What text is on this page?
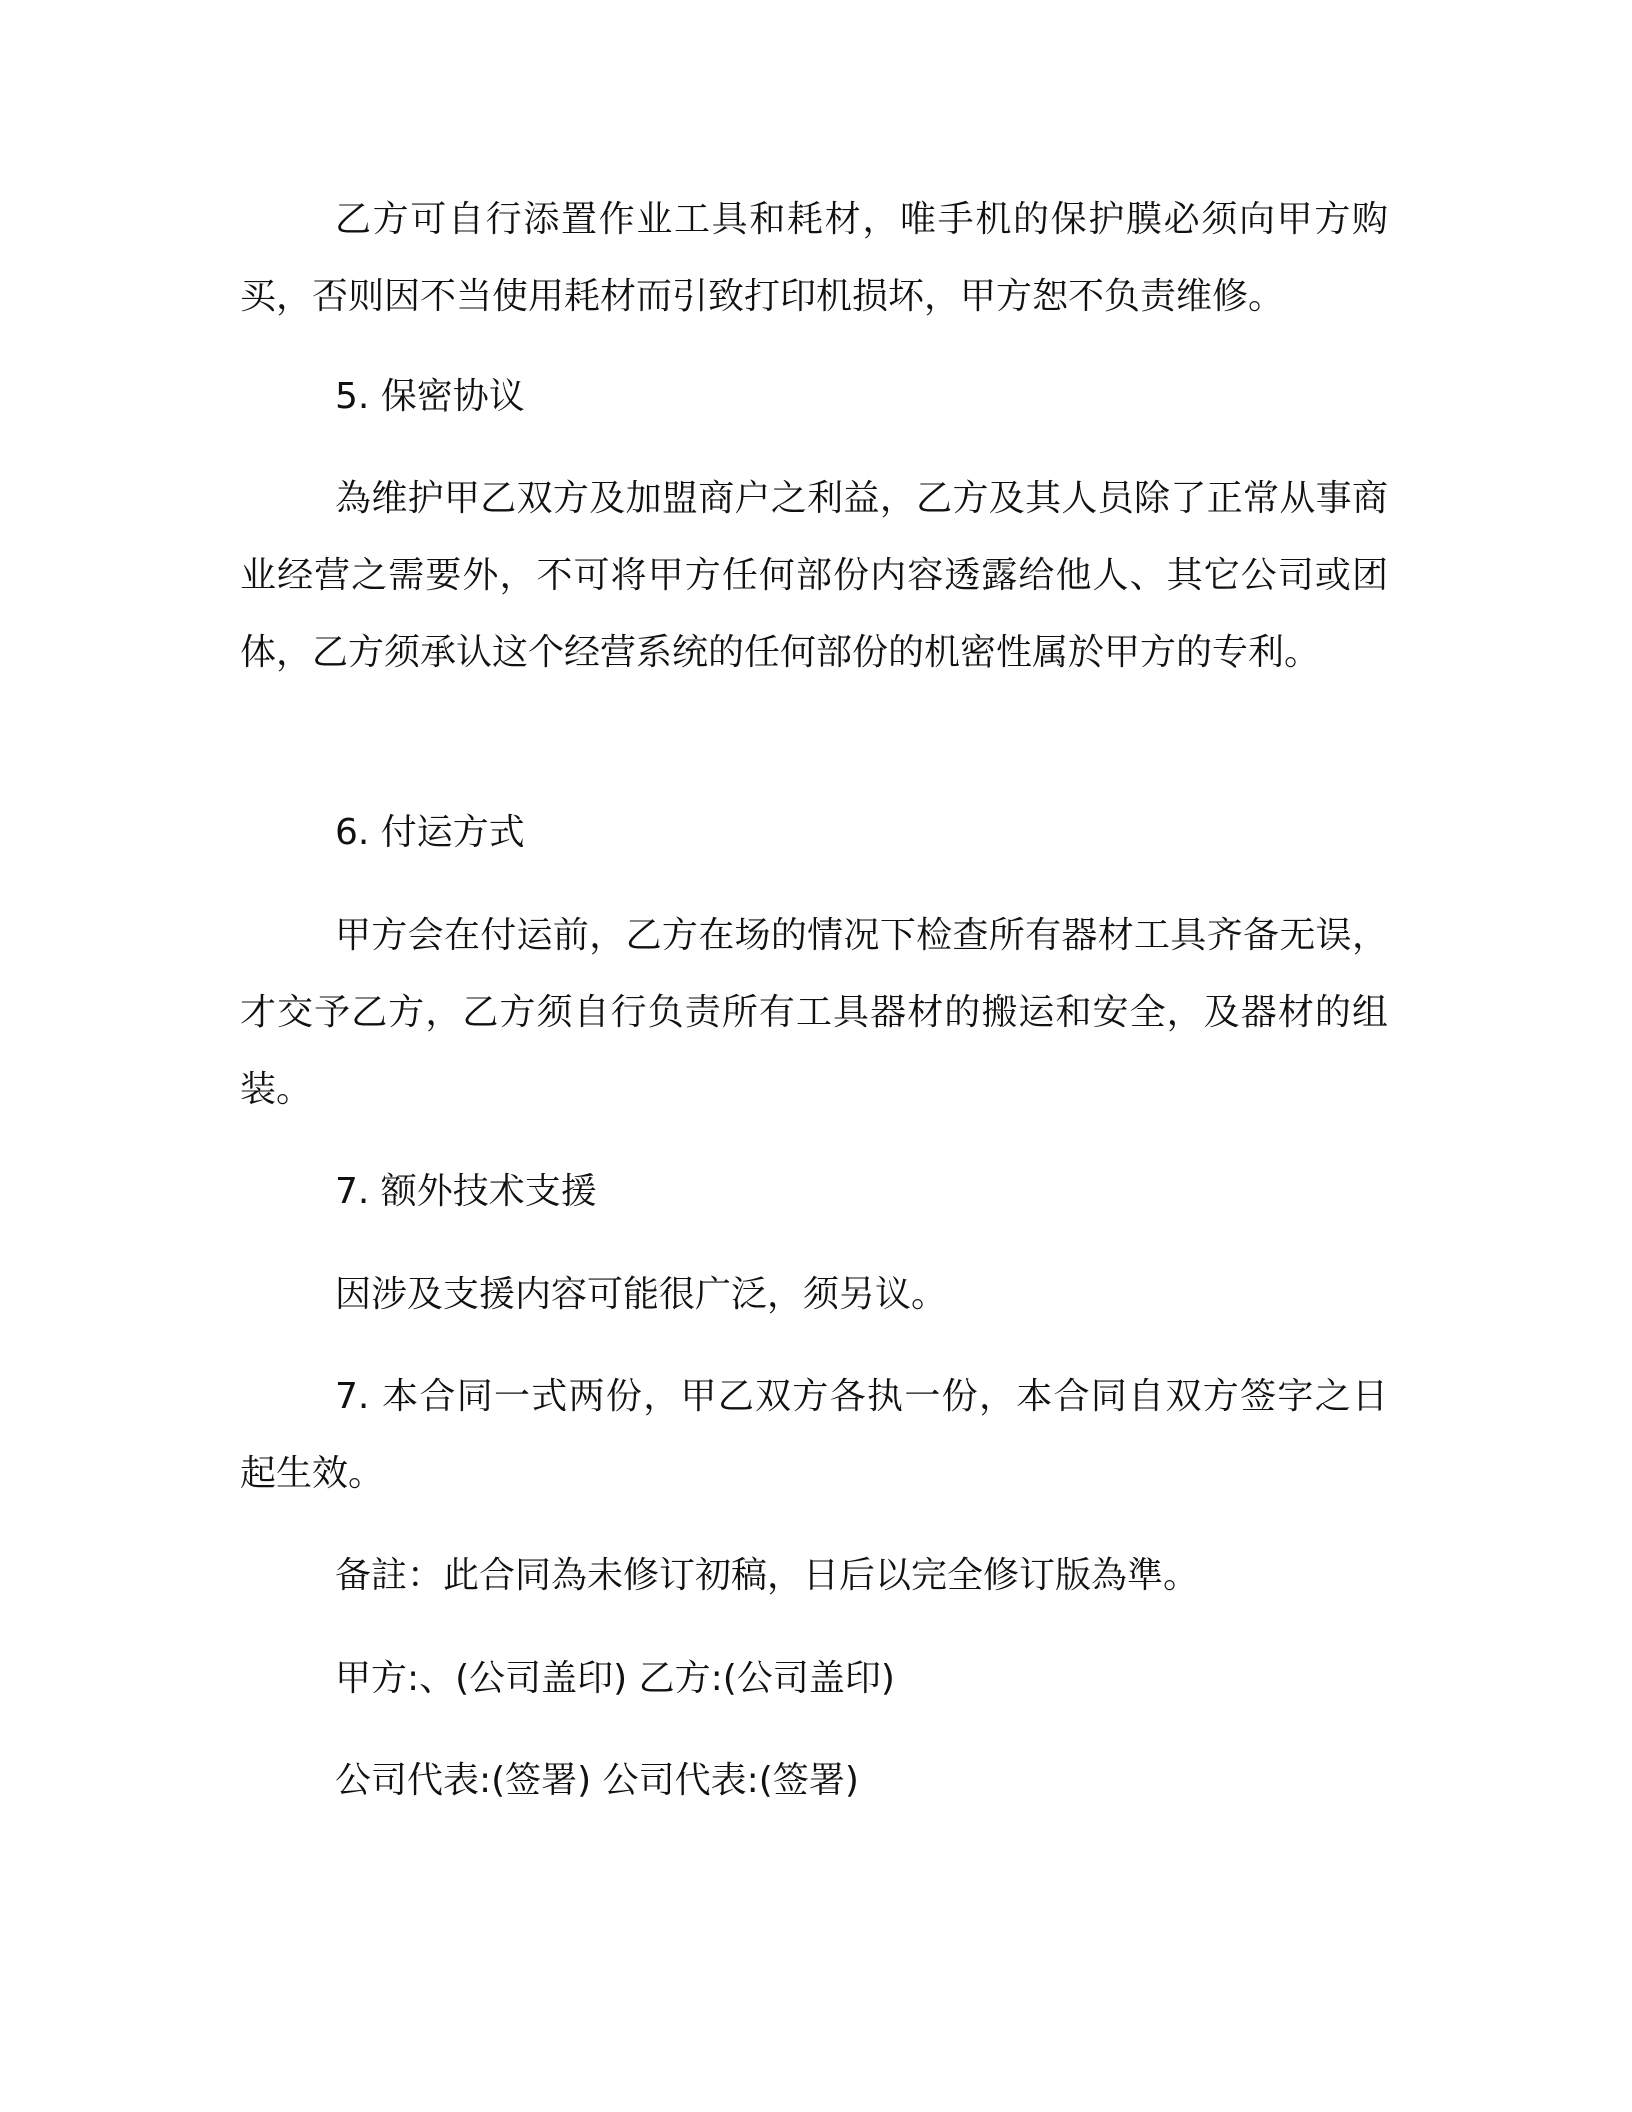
乙方可自行添置作业工具和耗材，唯手机的保护膜必须向甲方购买，否则因不当使用耗材而引致打印机损坏，甲方恕不负责维修。

5. 保密协议

為维护甲乙双方及加盟商户之利益，乙方及其人员除了正常从事商业经营之需要外，不可将甲方任何部份内容透露给他人、其它公司或团体，乙方须承认这个经营系统的任何部份的机密性属於甲方的专利。

6. 付运方式

甲方会在付运前，乙方在场的情况下检查所有器材工具齐备无误，才交予乙方，乙方须自行负责所有工具器材的搬运和安全，及器材的组装。

7. 额外技术支援

因涉及支援内容可能很广泛，须另议。

7. 本合同一式两份，甲乙双方各执一份，本合同自双方签字之日起生效。

备註：此合同為未修订初稿，日后以完全修订版為準。

甲方:、(公司盖印) 乙方:(公司盖印)

公司代表:(签署) 公司代表:(签署)
